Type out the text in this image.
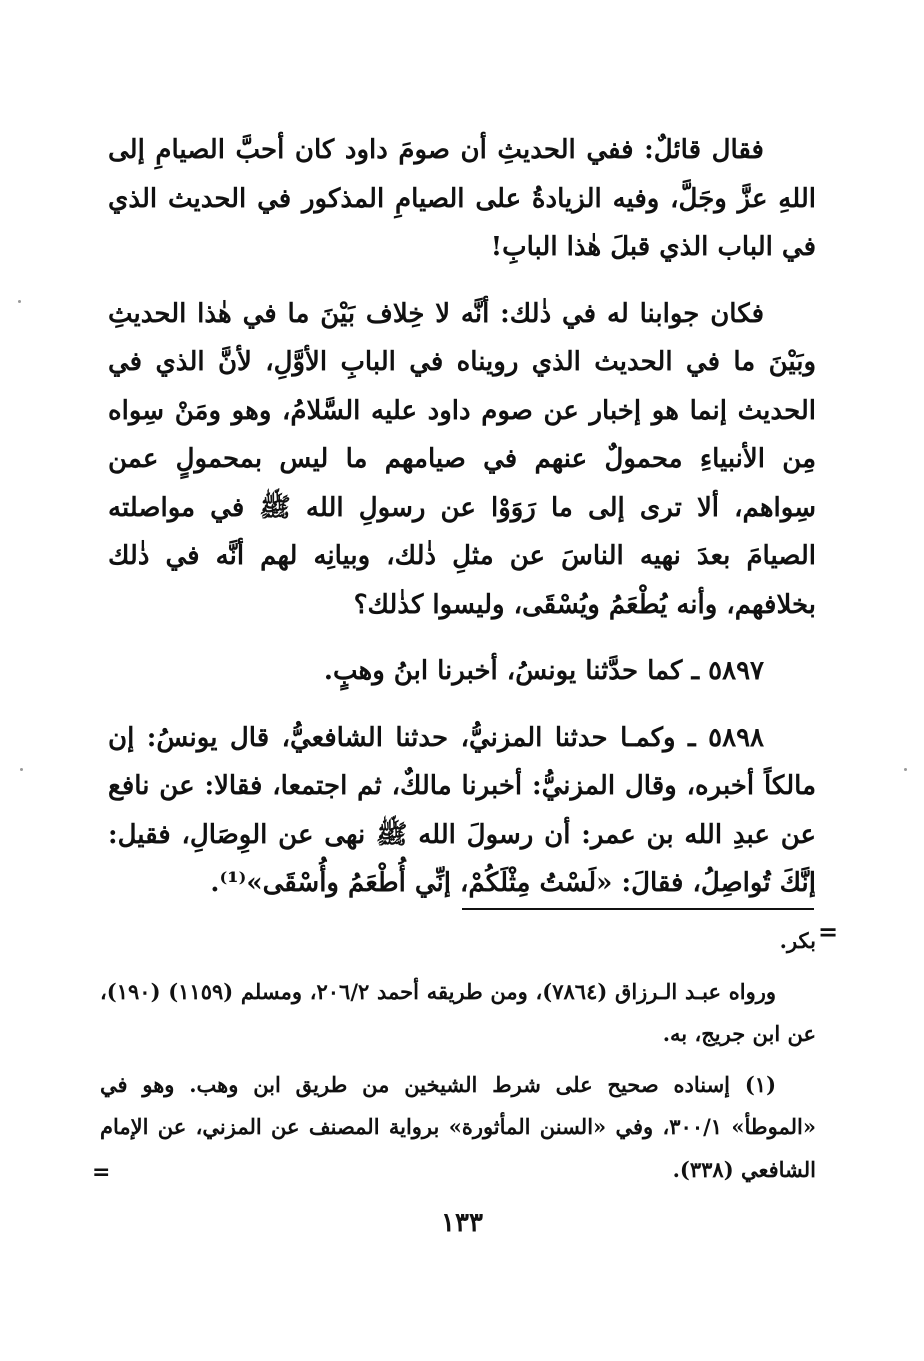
فقال قائلٌ: ففي الحديثِ أن صومَ داود كان أحبَّ الصيامِ إلى اللهِ عزَّ وجَلَّ، وفيه الزيادةُ على الصيامِ المذكور في الحديث الذي في الباب الذي قبلَ هٰذا البابِ!

فكان جوابنا له في ذٰلك: أنَّه لا خِلاف بَيْنَ ما في هٰذا الحديثِ وبَيْنَ ما في الحديث الذي رويناه في البابِ الأوَّلِ، لأنَّ الذي في الحديث إنما هو إخبار عن صوم داود عليه السَّلامُ، وهو ومَنْ سِواه مِن الأنبياءِ محمولٌ عنهم في صيامهم ما ليس بمحمولٍ عمن سِواهم، ألا ترى إلى ما رَوَوْا عن رسولِ الله ﷺ في مواصلته الصيامَ بعدَ نهيه الناسَ عن مثلِ ذٰلك، وبيانِه لهم أنَّه في ذٰلك بخلافهم، وأنه يُطْعَمُ ويُسْقَى، وليسوا كذٰلك؟

٥٨٩٧ ـ كما حدَّثنا يونسُ، أخبرنا ابنُ وهبٍ.

٥٨٩٨ ـ وكمـا حدثنا المزنيُّ، حدثنا الشافعيُّ، قال يونسُ: إن مالكاً أخبره، وقال المزنيُّ: أخبرنا مالكٌ، ثم اجتمعا، فقالا: عن نافع عن عبدِ الله بن عمر: أن رسولَ الله ﷺ نهى عن الوِصَالِ، فقيل: إنَّكَ تُواصِلُ، فقالَ: «لَسْتُ مِثْلَكُمْ، إنِّي أُطْعَمُ وأُسْقَى»⁽¹⁾.

=

بكر.

ورواه عبـد الـرزاق (٧٨٦٤)، ومن طريقه أحمد ٢٠٦/٢، ومسلم (١١٥٩) (١٩٠)، عن ابن جريج، به.

(١) إسناده صحيح على شرط الشيخين من طريق ابن وهب. وهو في «الموطأ» ٣٠٠/١، وفي «السنن المأثورة» برواية المصنف عن المزني، عن الإمام الشافعي (٣٣٨).

=
١٣٣
